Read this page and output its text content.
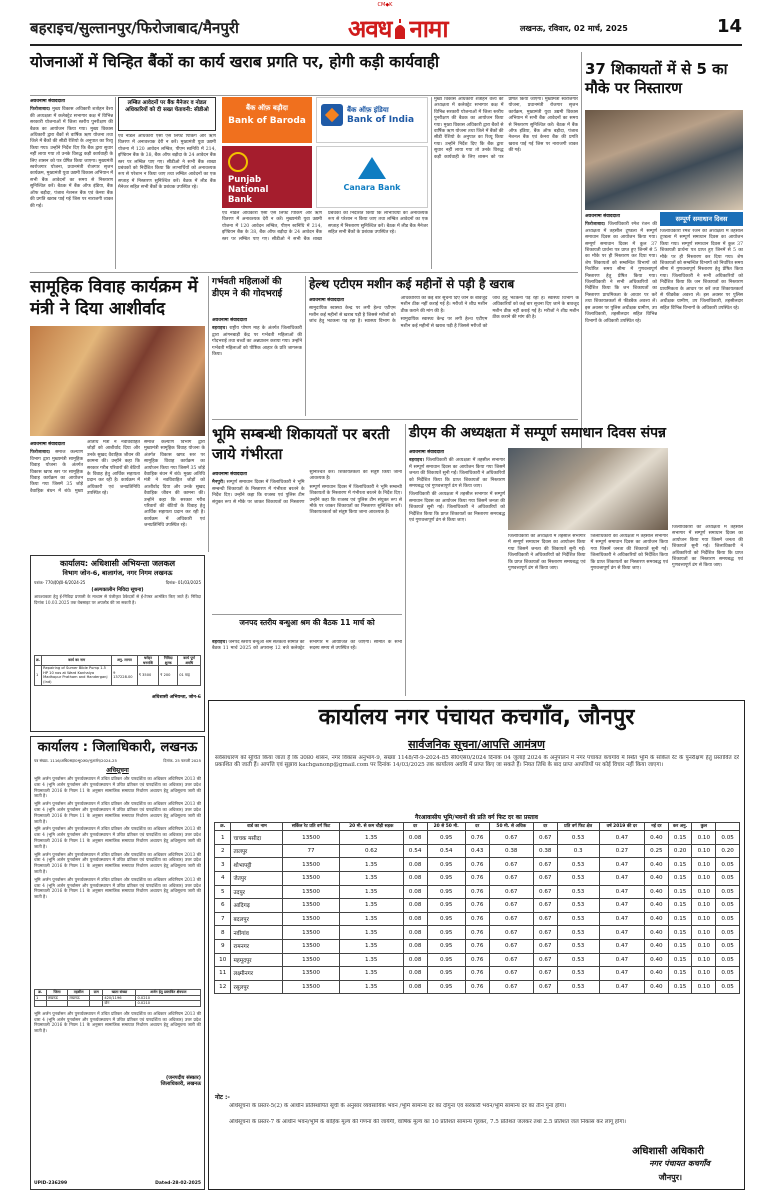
CM◆K
बहराइच/सुल्तानपुर/फिरोजाबाद/मैनपुरी	अवध नामा	लखनऊ, रविवार, 02 मार्च, 2025	14
योजनाओं में चिन्हित बैंकों का कार्य खराब प्रगति पर, होगी कड़ी कार्यवाही
अवधनामा संवाददाता

फिरोजाबाद। मुख्य विकास अधिकारी शत्रोहन वैश्य की अध्यक्षता में कलेक्ट्रेट सभागार कक्ष में विभिन्न सरकारी योजनाओं में जिला स्तरीय पुनरीक्षण की बैठक का आयोजन किया गया। मुख्य विकास अधिकारी द्वारा बैंकों से वार्षिक ऋण योजना तथा जिले में बैंकों की सीडी रेशियो के अनुपात का रिव्यू किया गया। उन्होंने निर्देश दिए कि बैंक द्वारा सुधार नहीं लाया गया तो उनके विरुद्ध कड़ी कार्यवाही के लिए शासन को पत्र प्रेषित किया जाएगा। मुख्यमंत्री स्वरोजगार योजना, प्रधानमंत्री रोजगार सृजन कार्यक्रम, मुख्यमंत्री युवा उद्यमी विकास अभियान में सभी बैंक आवेदनों का समय से निस्तारण सुनिश्चित करें। बैठक में बैंक ऑफ इंडिया, बैंक ऑफ बड़ौदा, पंजाब नेशनल बैंक एवं केनरा बैंक की प्रगति खराब पाई गई जिस पर नाराजगी व्यक्त की गई।

लम्बित आवेदनों पर बैंक मैनेजर व नोडल अधिकारियों को दी सख्त चेतावनी: सीडीओ

एवं नोडल अधिकारी ऐसी ऐसे लिफ्ट पिकिंग और ऋण वितरण में अनावश्यक देरी न करें। मुख्यमंत्री युवा उद्यमी योजना में 120 आवेदन लम्बित, पीएम स्वनिधि में 214, इण्डियन बैंक के 38, बैंक ऑफ बड़ौदा के 24 आवेदन बैंक स्तर पर लम्बित पाए गए। सीडीओ ने सभी बैंक शाखा प्रबंधकों को निर्देशित किया कि लाभार्थियों को अनावश्यक रूप से परेशान न किया जाए तथा लम्बित आवेदनों का एक सप्ताह में निस्तारण सुनिश्चित करें। बैठक में लीड बैंक मैनेजर सहित सभी बैंकों के प्रबंधक उपस्थित रहे।

बैंक ऑफ़ बड़ौदा
Bank of Baroda
बैंक ऑफ़ इंडिया
Bank of India
Punjab National Bank
Canara Bank

एवं नोडल अधिकारी ऐसी ऐसे लिफ्ट पिकिंग और ऋण वितरण में अनावश्यक देरी न करें। मुख्यमंत्री युवा उद्यमी योजना में 120 आवेदन लम्बित, पीएम स्वनिधि में 214, इण्डियन बैंक के 38, बैंक ऑफ बड़ौदा के 24 आवेदन बैंक स्तर पर लम्बित पाए गए। सीडीओ ने सभी बैंक शाखा प्रबंधकों को निर्देशित किया कि लाभार्थियों को अनावश्यक रूप से परेशान न किया जाए तथा लम्बित आवेदनों का एक सप्ताह में निस्तारण सुनिश्चित करें। बैठक में लीड बैंक मैनेजर सहित सभी बैंकों के प्रबंधक उपस्थित रहे।

मुख्य विकास अधिकारी शत्रोहन वैश्य की अध्यक्षता में कलेक्ट्रेट सभागार कक्ष में विभिन्न सरकारी योजनाओं में जिला स्तरीय पुनरीक्षण की बैठक का आयोजन किया गया। मुख्य विकास अधिकारी द्वारा बैंकों से वार्षिक ऋण योजना तथा जिले में बैंकों की सीडी रेशियो के अनुपात का रिव्यू किया गया। उन्होंने निर्देश दिए कि बैंक द्वारा सुधार नहीं लाया गया तो उनके विरुद्ध कड़ी कार्यवाही के लिए शासन को पत्र प्रेषित किया जाएगा। मुख्यमंत्री स्वरोजगार योजना, प्रधानमंत्री रोजगार सृजन कार्यक्रम, मुख्यमंत्री युवा उद्यमी विकास अभियान में सभी बैंक आवेदनों का समय से निस्तारण सुनिश्चित करें। बैठक में बैंक ऑफ इंडिया, बैंक ऑफ बड़ौदा, पंजाब नेशनल बैंक एवं केनरा बैंक की प्रगति खराब पाई गई जिस पर नाराजगी व्यक्त की गई।

37 शिकायतों में से 5 का मौके पर निस्तारण
सम्पूर्ण समाधान दिवस
अवधनामा संवाददाता

फिरोजाबाद। जिलाधिकारी रमेश रंजन की अध्यक्षता में तहसील टूण्डला में सम्पूर्ण समाधान दिवस का आयोजन किया गया। सम्पूर्ण समाधान दिवस में कुल 37 शिकायती प्रार्थना पत्र प्राप्त हुए जिनमें से 5 का मौके पर ही निस्तारण कर दिया गया। शेष शिकायतों को सम्बन्धित विभागों को निर्धारित समय सीमा में गुणवत्तापूर्ण निस्तारण हेतु प्रेषित किया गया। जिलाधिकारी ने सभी अधिकारियों को निर्देशित किया कि जन शिकायतों का निस्तारण प्राथमिकता के आधार पर करें तथा शिकायतकर्ता से फीडबैक अवश्य लें। इस अवसर पर पुलिस अधीक्षक ग्रामीण, उप जिलाधिकारी, तहसीलदार सहित विभिन्न विभागों के अधिकारी उपस्थित रहे।

जिलाधिकारी रमेश रंजन की अध्यक्षता में तहसील टूण्डला में सम्पूर्ण समाधान दिवस का आयोजन किया गया। सम्पूर्ण समाधान दिवस में कुल 37 शिकायती प्रार्थना पत्र प्राप्त हुए जिनमें से 5 का मौके पर ही निस्तारण कर दिया गया। शेष शिकायतों को सम्बन्धित विभागों को निर्धारित समय सीमा में गुणवत्तापूर्ण निस्तारण हेतु प्रेषित किया गया। जिलाधिकारी ने सभी अधिकारियों को निर्देशित किया कि जन शिकायतों का निस्तारण प्राथमिकता के आधार पर करें तथा शिकायतकर्ता से फीडबैक अवश्य लें। इस अवसर पर पुलिस अधीक्षक ग्रामीण, उप जिलाधिकारी, तहसीलदार सहित विभिन्न विभागों के अधिकारी उपस्थित रहे।

सामूहिक विवाह कार्यक्रम में मंत्री ने दिया आशीर्वाद
अवधनामा संवाददाता

फिरोजाबाद। समाज कल्याण विभाग द्वारा मुख्यमंत्री सामूहिक विवाह योजना के अंतर्गत विकास खण्ड स्तर पर सामूहिक विवाह कार्यक्रम का आयोजन किया गया जिसमें 35 जोड़े वैवाहिक बंधन में बंधे। मुख्य अतिथि मंत्री ने नवविवाहित जोड़ों को आशीर्वाद दिया और उनके सुखद वैवाहिक जीवन की कामना की। उन्होंने कहा कि सरकार गरीब परिवारों की बेटियों के विवाह हेतु आर्थिक सहायता प्रदान कर रही है। कार्यक्रम में अधिकारी एवं जनप्रतिनिधि उपस्थित रहे।

समाज कल्याण विभाग द्वारा मुख्यमंत्री सामूहिक विवाह योजना के अंतर्गत विकास खण्ड स्तर पर सामूहिक विवाह कार्यक्रम का आयोजन किया गया जिसमें 35 जोड़े वैवाहिक बंधन में बंधे। मुख्य अतिथि मंत्री ने नवविवाहित जोड़ों को आशीर्वाद दिया और उनके सुखद वैवाहिक जीवन की कामना की। उन्होंने कहा कि सरकार गरीब परिवारों की बेटियों के विवाह हेतु आर्थिक सहायता प्रदान कर रही है। कार्यक्रम में अधिकारी एवं जनप्रतिनिधि उपस्थित रहे।

गर्भवती महिलाओं की डीएम ने की गोदभराई
अवधनामा संवाददाता

बहराइच। राष्ट्रीय पोषण माह के अंतर्गत जिलाधिकारी द्वारा आंगनबाड़ी केंद्र पर गर्भवती महिलाओं की गोदभराई तथा बच्चों का अन्नप्राशन कराया गया। उन्होंने गर्भवती महिलाओं को पौष्टिक आहार के प्रति जागरूक किया।

हेल्थ एटीएम मशीन कई महीनों से पड़ी है खराब
अवधनामा संवाददाता

सामुदायिक स्वास्थ्य केन्द्र पर लगी हेल्थ एटीएम मशीन कई महीनों से खराब पड़ी है जिससे मरीजों को जांच हेतु भटकना पड़ रहा है। स्वास्थ्य विभाग के अधिकारियों को कई बार सूचना दिए जाने के बावजूद मशीन ठीक नहीं कराई गई है। मरीजों ने शीघ्र मशीन ठीक कराने की मांग की है।

सामुदायिक स्वास्थ्य केन्द्र पर लगी हेल्थ एटीएम मशीन कई महीनों से खराब पड़ी है जिससे मरीजों को जांच हेतु भटकना पड़ रहा है। स्वास्थ्य विभाग के अधिकारियों को कई बार सूचना दिए जाने के बावजूद मशीन ठीक नहीं कराई गई है। मरीजों ने शीघ्र मशीन ठीक कराने की मांग की है।

भूमि सम्बन्धी शिकायतों पर बरती जाये गंभीरता
अवधनामा संवाददाता

मैनपुरी। सम्पूर्ण समाधान दिवस में जिलाधिकारी ने भूमि सम्बन्धी शिकायतों के निस्तारण में गंभीरता बरतने के निर्देश दिए। उन्होंने कहा कि राजस्व एवं पुलिस टीम संयुक्त रूप से मौके पर जाकर शिकायतों का निस्तारण सुनिश्चित करें। शिकायतकर्ता को संतुष्ट किया जाना आवश्यक है।

सम्पूर्ण समाधान दिवस में जिलाधिकारी ने भूमि सम्बन्धी शिकायतों के निस्तारण में गंभीरता बरतने के निर्देश दिए। उन्होंने कहा कि राजस्व एवं पुलिस टीम संयुक्त रूप से मौके पर जाकर शिकायतों का निस्तारण सुनिश्चित करें। शिकायतकर्ता को संतुष्ट किया जाना आवश्यक है।

जनपद स्तरीय बन्धुआ श्रम की बैठक 11 मार्च को

बहराइच। जनपद स्तरीय बन्धुआ श्रम सतर्कता समिति की बैठक 11 मार्च 2025 को अपरान्ह 12 बजे कलेक्ट्रेट सभागार में आयोजित की जाएगी। समिति के सभी सदस्य समय से उपस्थित रहें।

डीएम की अध्यक्षता में सम्पूर्ण समाधान दिवस संपन्न
अवधनामा संवाददाता

बहराइच। जिलाधिकारी की अध्यक्षता में तहसील सभागार में सम्पूर्ण समाधान दिवस का आयोजन किया गया जिसमें जनता की शिकायतें सुनी गईं। जिलाधिकारी ने अधिकारियों को निर्देशित किया कि प्राप्त शिकायतों का निस्तारण समयबद्ध एवं गुणवत्तापूर्ण ढंग से किया जाए।

जिलाधिकारी की अध्यक्षता में तहसील सभागार में सम्पूर्ण समाधान दिवस का आयोजन किया गया जिसमें जनता की शिकायतें सुनी गईं। जिलाधिकारी ने अधिकारियों को निर्देशित किया कि प्राप्त शिकायतों का निस्तारण समयबद्ध एवं गुणवत्तापूर्ण ढंग से किया जाए।

जिलाधिकारी की अध्यक्षता में तहसील सभागार में सम्पूर्ण समाधान दिवस का आयोजन किया गया जिसमें जनता की शिकायतें सुनी गईं। जिलाधिकारी ने अधिकारियों को निर्देशित किया कि प्राप्त शिकायतों का निस्तारण समयबद्ध एवं गुणवत्तापूर्ण ढंग से किया जाए।

जिलाधिकारी की अध्यक्षता में तहसील सभागार में सम्पूर्ण समाधान दिवस का आयोजन किया गया जिसमें जनता की शिकायतें सुनी गईं। जिलाधिकारी ने अधिकारियों को निर्देशित किया कि प्राप्त शिकायतों का निस्तारण समयबद्ध एवं गुणवत्तापूर्ण ढंग से किया जाए।

जिलाधिकारी की अध्यक्षता में तहसील सभागार में सम्पूर्ण समाधान दिवस का आयोजन किया गया जिसमें जनता की शिकायतें सुनी गईं। जिलाधिकारी ने अधिकारियों को निर्देशित किया कि प्राप्त शिकायतों का निस्तारण समयबद्ध एवं गुणवत्तापूर्ण ढंग से किया जाए।

कार्यालय: अधिशासी अभियन्ता जलकल
विभाग जोन-6, बालागंज, नगर निगम लखनऊ
पत्रांक- 770/ई0ई0-6/2024-25	दिनांक- 01/03/2025
(अल्पकालीन निविदा सूचना)
आवश्यकता हेतु ई-निविदा प्रणाली के माध्यम से पंजीकृत ठेकेदारों से ई-टेण्डर आमंत्रित किए जाते हैं। निविदा दिनांक 10.03.2025 तक वेबसाइट पर अपलोड की जा सकती है।
क्र.	कार्य का नाम	अनु. लागत	धरोहर धनराशि	निविदा शुल्क	कार्य पूर्ण अवधि
1	Repairing of Sumer Bible Pump 1.5 HP 10 nos at Ward Kanhaiya Madhopur Pratham and Handerganj (Ind)	9 137228.00	₹ 3500	₹ 200	01 माह
अधिशासी अभियन्ता, जोन-6
कार्यालय नगर पंचायत कचगाँव, जौनपुर
सार्वजनिक सूचना/आपत्ति आमंत्रण
सर्वसाधारण को सूचित किया जाता है कि उ0प्र0 शासन, नगर विकास अनुभाग-9, संख्या 1148/नौ-9-2024-85 सी0एस0/2024 दिनांक 04 जुलाई 2024 के अनुपालन में नगर पंचायत कचगाँव में स्थित भूमि के सर्किल रेट के पुनरीक्षण हेतु प्रस्तावित दरें प्रकाशित की जाती हैं। आपत्ति एवं सुझाव kachganonp@gmail.com पर दिनांक 14/03/2025 तक कार्यालय अवधि में प्राप्त किए जा सकते हैं। नियत तिथि के बाद प्राप्त आपत्तियों पर कोई विचार नहीं किया जाएगा।
गैरआवासीय भूमि/भवनों की प्रति वर्ग फिट दर का प्रस्ताव
क्र.	वार्ड का नाम	सर्किल रेट प्रति वर्ग फिट	20 मी. से कम चौड़ी सड़क	दर	20 से 50 मी.	दर	50 मी. से अधिक	दर	प्रति वर्ग फिट क्षेत्र	वर्ष 2019 की दर	नई दर	कर अनु.	कुल	
1	चाचक मसीदा	13500	1.35	0.08	0.95	0.76	0.67	0.67	0.53	0.47	0.40	0.15	0.10	0.05
2	तालपुर	77	0.62	0.54	0.54	0.43	0.38	0.38	0.3	0.27	0.25	0.20	0.10	0.20
3	शोभापट्टी	13500	1.35	0.08	0.95	0.76	0.67	0.67	0.53	0.47	0.40	0.15	0.10	0.05
4	जेतपुर	13500	1.35	0.08	0.95	0.76	0.67	0.67	0.53	0.47	0.40	0.15	0.10	0.05
5	उदपुर	13500	1.35	0.08	0.95	0.76	0.67	0.67	0.53	0.47	0.40	0.15	0.10	0.05
6	आदिगढ़	13500	1.35	0.08	0.95	0.76	0.67	0.67	0.53	0.47	0.40	0.15	0.10	0.05
7	बदलपुर	13500	1.35	0.08	0.95	0.76	0.67	0.67	0.53	0.47	0.40	0.15	0.10	0.05
8	नवींगांव	13500	1.35	0.08	0.95	0.76	0.67	0.67	0.53	0.47	0.40	0.15	0.10	0.05
9	रामनगर	13500	1.35	0.08	0.95	0.76	0.67	0.67	0.53	0.47	0.40	0.15	0.10	0.05
10	महमूदपुर	13500	1.35	0.08	0.95	0.76	0.67	0.67	0.53	0.47	0.40	0.15	0.10	0.05
11	लक्ष्मीनगर	13500	1.35	0.08	0.95	0.76	0.67	0.67	0.53	0.47	0.40	0.15	0.10	0.05
12	रसूलपुर	13500	1.35	0.08	0.95	0.76	0.67	0.67	0.53	0.47	0.40	0.15	0.10	0.05
नोट :-
अधिसूचना के प्रस्तर-5(2) के आधीन प्रतिस्थापित सूची के अनुसार व्यवसायिक भवन /भूमि सामान्य दर का दोगुना एवं सरकारी भवन/भूमि सामान्य दर का तीन गुना होगा।
अधिसूचना के प्रस्तर-7 के आधीन भवन/भूमि के बाहिक मूल्य की गणना की जायेगी, वार्षिक मूल्य का 10 प्रतिशत सामान्य गृहकर, 7.5 प्रतिशत जलकर तथा 2.5 प्रतिशत जल निकास कर लागू होगा।
अधिशासी अधिकारी
नगर पंचायत कचगाँव
जौनपुर।
कार्यालय : जिलाधिकारी, लखनऊ
पत्र संख्या- 1116/अधि0सहा0भू0अ0/भूअर्जन/2024-25	दिनांक- 25 फरवरी 2025
अधिसूचना

भूमि अर्जन पुनर्वासन और पुनर्व्यवस्थापन में उचित प्रतिकर और पारदर्शिता का अधिकार अधिनियम 2013 की धारा 4 (भूमि अर्जन पुनर्वासन और पुनर्व्यवस्थापन में उचित प्रतिकर एवं पारदर्शिता का अधिकार) उत्तर प्रदेश नियमावली 2016 के नियम 11 के अनुसार सामाजिक समाघात निर्धारण अध्ययन हेतु अधिसूचना जारी की जाती है।

भूमि अर्जन पुनर्वासन और पुनर्व्यवस्थापन में उचित प्रतिकर और पारदर्शिता का अधिकार अधिनियम 2013 की धारा 4 (भूमि अर्जन पुनर्वासन और पुनर्व्यवस्थापन में उचित प्रतिकर एवं पारदर्शिता का अधिकार) उत्तर प्रदेश नियमावली 2016 के नियम 11 के अनुसार सामाजिक समाघात निर्धारण अध्ययन हेतु अधिसूचना जारी की जाती है।

भूमि अर्जन पुनर्वासन और पुनर्व्यवस्थापन में उचित प्रतिकर और पारदर्शिता का अधिकार अधिनियम 2013 की धारा 4 (भूमि अर्जन पुनर्वासन और पुनर्व्यवस्थापन में उचित प्रतिकर एवं पारदर्शिता का अधिकार) उत्तर प्रदेश नियमावली 2016 के नियम 11 के अनुसार सामाजिक समाघात निर्धारण अध्ययन हेतु अधिसूचना जारी की जाती है।

भूमि अर्जन पुनर्वासन और पुनर्व्यवस्थापन में उचित प्रतिकर और पारदर्शिता का अधिकार अधिनियम 2013 की धारा 4 (भूमि अर्जन पुनर्वासन और पुनर्व्यवस्थापन में उचित प्रतिकर एवं पारदर्शिता का अधिकार) उत्तर प्रदेश नियमावली 2016 के नियम 11 के अनुसार सामाजिक समाघात निर्धारण अध्ययन हेतु अधिसूचना जारी की जाती है।

भूमि अर्जन पुनर्वासन और पुनर्व्यवस्थापन में उचित प्रतिकर और पारदर्शिता का अधिकार अधिनियम 2013 की धारा 4 (भूमि अर्जन पुनर्वासन और पुनर्व्यवस्थापन में उचित प्रतिकर एवं पारदर्शिता का अधिकार) उत्तर प्रदेश नियमावली 2016 के नियम 11 के अनुसार सामाजिक समाघात निर्धारण अध्ययन हेतु अधिसूचना जारी की जाती है।

क्र.	जिला	तहसील	ग्राम	खाता संख्या	अर्जन हेतु प्रस्तावित क्षेत्रफल
1	लखनऊ	लखनऊ		420/1196	0.0210
				योग	0.0210

भूमि अर्जन पुनर्वासन और पुनर्व्यवस्थापन में उचित प्रतिकर और पारदर्शिता का अधिकार अधिनियम 2013 की धारा 4 (भूमि अर्जन पुनर्वासन और पुनर्व्यवस्थापन में उचित प्रतिकर एवं पारदर्शिता का अधिकार) उत्तर प्रदेश नियमावली 2016 के नियम 11 के अनुसार सामाजिक समाघात निर्धारण अध्ययन हेतु अधिसूचना जारी की जाती है।

(जनपदीय संस्कार)
जिलाधिकारी, लखनऊ
UPID-236299	Dated-28-02-2025
